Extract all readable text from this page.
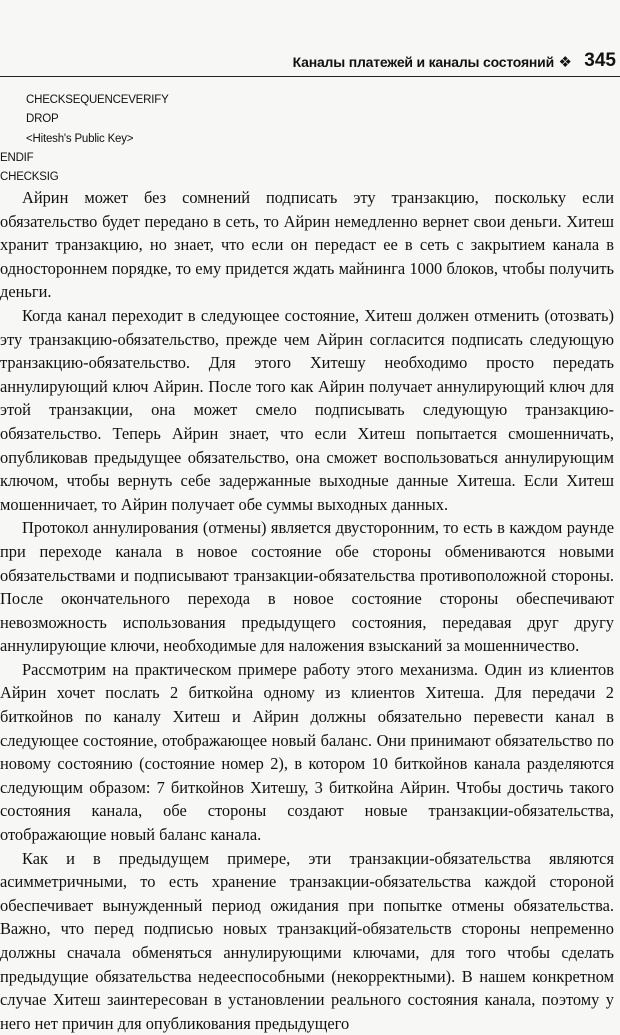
Каналы платежей и каналы состояний ❖ 345
CHECKSEQUENCEVERIFY
DROP
<Hitesh's Public Key>
ENDIF
CHECKSIG

Айрин может без сомнений подписать эту транзакцию, поскольку если обязательство будет передано в сеть, то Айрин немедленно вернет свои деньги. Хитеш хранит транзакцию, но знает, что если он передаст ее в сеть с закрытием канала в одностороннем порядке, то ему придется ждать майнинга 1000 блоков, чтобы получить деньги.

Когда канал переходит в следующее состояние, Хитеш должен отменить (отозвать) эту транзакцию-обязательство, прежде чем Айрин согласится подписать следующую транзакцию-обязательство. Для этого Хитешу необходимо просто передать аннулирующий ключ Айрин. После того как Айрин получает аннулирующий ключ для этой транзакции, она может смело подписывать следующую транзакцию-обязательство. Теперь Айрин знает, что если Хитеш попытается смошенничать, опубликовав предыдущее обязательство, она сможет воспользоваться аннулирующим ключом, чтобы вернуть себе задержанные выходные данные Хитеша. Если Хитеш мошенничает, то Айрин получает обе суммы выходных данных.

Протокол аннулирования (отмены) является двусторонним, то есть в каждом раунде при переходе канала в новое состояние обе стороны обмениваются новыми обязательствами и подписывают транзакции-обязательства противоположной стороны. После окончательного перехода в новое состояние стороны обеспечивают невозможность использования предыдущего состояния, передавая друг другу аннулирующие ключи, необходимые для наложения взысканий за мошенничество.

Рассмотрим на практическом примере работу этого механизма. Один из клиентов Айрин хочет послать 2 биткойна одному из клиентов Хитеша. Для передачи 2 биткойнов по каналу Хитеш и Айрин должны обязательно перевести канал в следующее состояние, отображающее новый баланс. Они принимают обязательство по новому состоянию (состояние номер 2), в котором 10 биткойнов канала разделяются следующим образом: 7 биткойнов Хитешу, 3 биткойна Айрин. Чтобы достичь такого состояния канала, обе стороны создают новые транзакции-обязательства, отображающие новый баланс канала.

Как и в предыдущем примере, эти транзакции-обязательства являются асимметричными, то есть хранение транзакции-обязательства каждой стороной обеспечивает вынужденный период ожидания при попытке отмены обязательства. Важно, что перед подписью новых транзакций-обязательств стороны непременно должны сначала обменяться аннулирующими ключами, для того чтобы сделать предыдущие обязательства недееспособными (некорректными). В нашем конкретном случае Хитеш заинтересован в установлении реального состояния канала, поэтому у него нет причин для опубликования предыдущего
